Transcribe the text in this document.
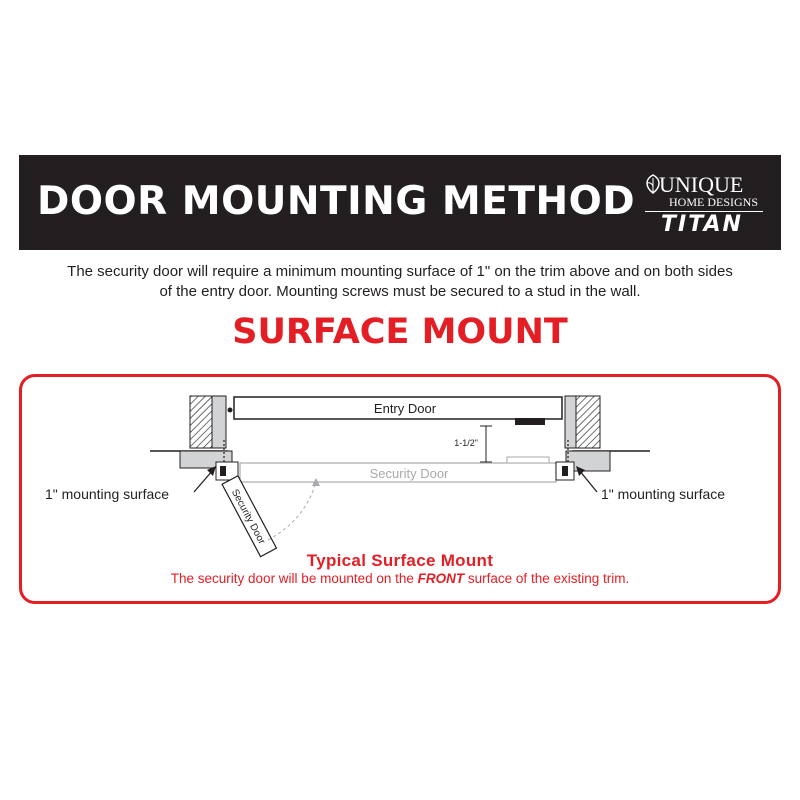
DOOR MOUNTING METHOD UNIQUE
HOME DESIGNS
TITAN
The security door will require a minimum mounting surface of 1" on the trim above and on both sides
of the entry door. Mounting screws must be secured to a stud in the wall.
SURFACE MOUNT
Entry Door
1-1/2"
Security Door
Security Door
1" mounting surface	1" mounting surface
Typical Surface Mount
The security door will be mounted on the FRONT surface of the existing trim.
